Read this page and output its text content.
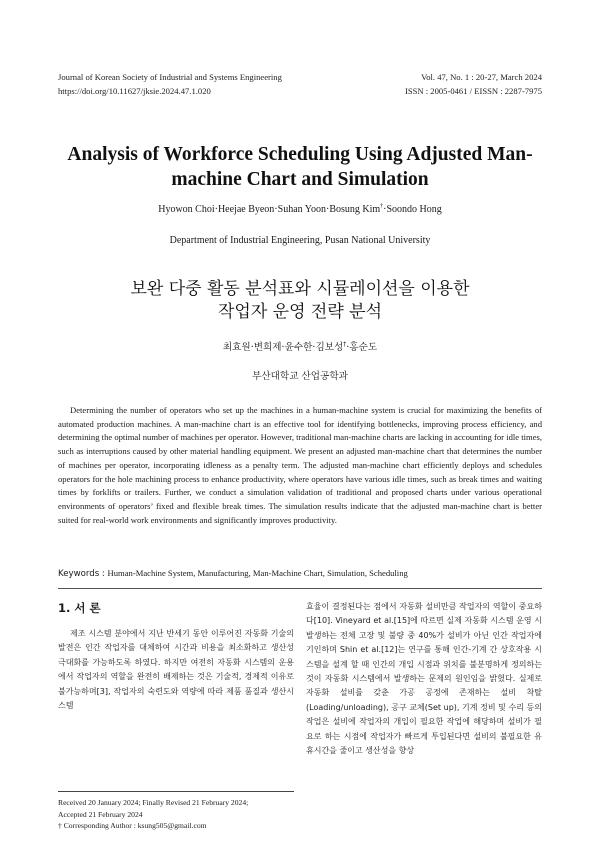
Journal of Korean Society of Industrial and Systems Engineering
https://doi.org/10.11627/jksie.2024.47.1.020
Vol. 47, No. 1 : 20-27, March 2024
ISSN : 2005-0461 / EISSN : 2287-7975
Analysis of Workforce Scheduling Using Adjusted Man-machine Chart and Simulation
Hyowon Choi·Heejae Byeon·Suhan Yoon·Bosung Kim†·Soondo Hong
Department of Industrial Engineering, Pusan National University
보완 다중 활동 분석표와 시뮬레이션을 이용한
작업자 운영 전략 분석
최효원·변희제·윤수한·김보성†·홍순도
부산대학교 산업공학과

Determining the number of operators who set up the machines in a human-machine system is crucial for maximizing the benefits of automated production machines. A man-machine chart is an effective tool for identifying bottlenecks, improving process efficiency, and determining the optimal number of machines per operator. However, traditional man-machine charts are lacking in accounting for idle times, such as interruptions caused by other material handling equipment. We present an adjusted man-machine chart that determines the number of machines per operator, incorporating idleness as a penalty term. The adjusted man-machine chart efficiently deploys and schedules operators for the hole machining process to enhance productivity, where operators have various idle times, such as break times and waiting times by forklifts or trailers. Further, we conduct a simulation validation of traditional and proposed charts under various operational environments of operators’ fixed and flexible break times. The simulation results indicate that the adjusted man-machine chart is better suited for real-world work environments and significantly improves productivity.

Keywords : Human-Machine System, Manufacturing, Man-Machine Chart, Simulation, Scheduling
1. 서 론

제조 시스템 분야에서 지난 반세기 동안 이루어진 자동화 기술의 발전은 인간 작업자를 대체하여 시간과 비용을 최소화하고 생산성 극대화를 가능하도록 하였다. 하지만 여전히 자동화 시스템의 운용에서 작업자의 역할을 완전히 배제하는 것은 기술적, 경제적 이유로 불가능하며[3], 작업자의 숙련도와 역량에 따라 제품 품질과 생산시스템

효율이 결정된다는 점에서 자동화 설비만큼 작업자의 역할이 중요하다[10]. Vineyard et al.[15]에 따르면 실제 자동화 시스템 운영 시 발생하는 전체 고장 및 불량 중 40%가 설비가 아닌 인간 작업자에 기인하며 Shin et al.[12]는 연구를 통해 인간-기계 간 상호작용 시스템을 설계 할 때 인간의 개입 시점과 위치를 불분명하게 정의하는 것이 자동화 시스템에서 발생하는 문제의 원인임을 밝혔다. 실제로 자동화 설비를 갖춘 가공 공정에 존재하는 설비 착탈(Loading/unloading), 공구 교체(Set up), 기계 정비 및 수리 등의 작업은 설비에 작업자의 개입이 필요한 작업에 해당하며 설비가 필요로 하는 시점에 작업자가 빠르게 투입된다면 설비의 불필요한 유휴시간을 줄이고 생산성을 향상

Received 20 January 2024; Finally Revised 21 February 2024;
Accepted 21 February 2024
† Corresponding Author : ksung505@gmail.com
